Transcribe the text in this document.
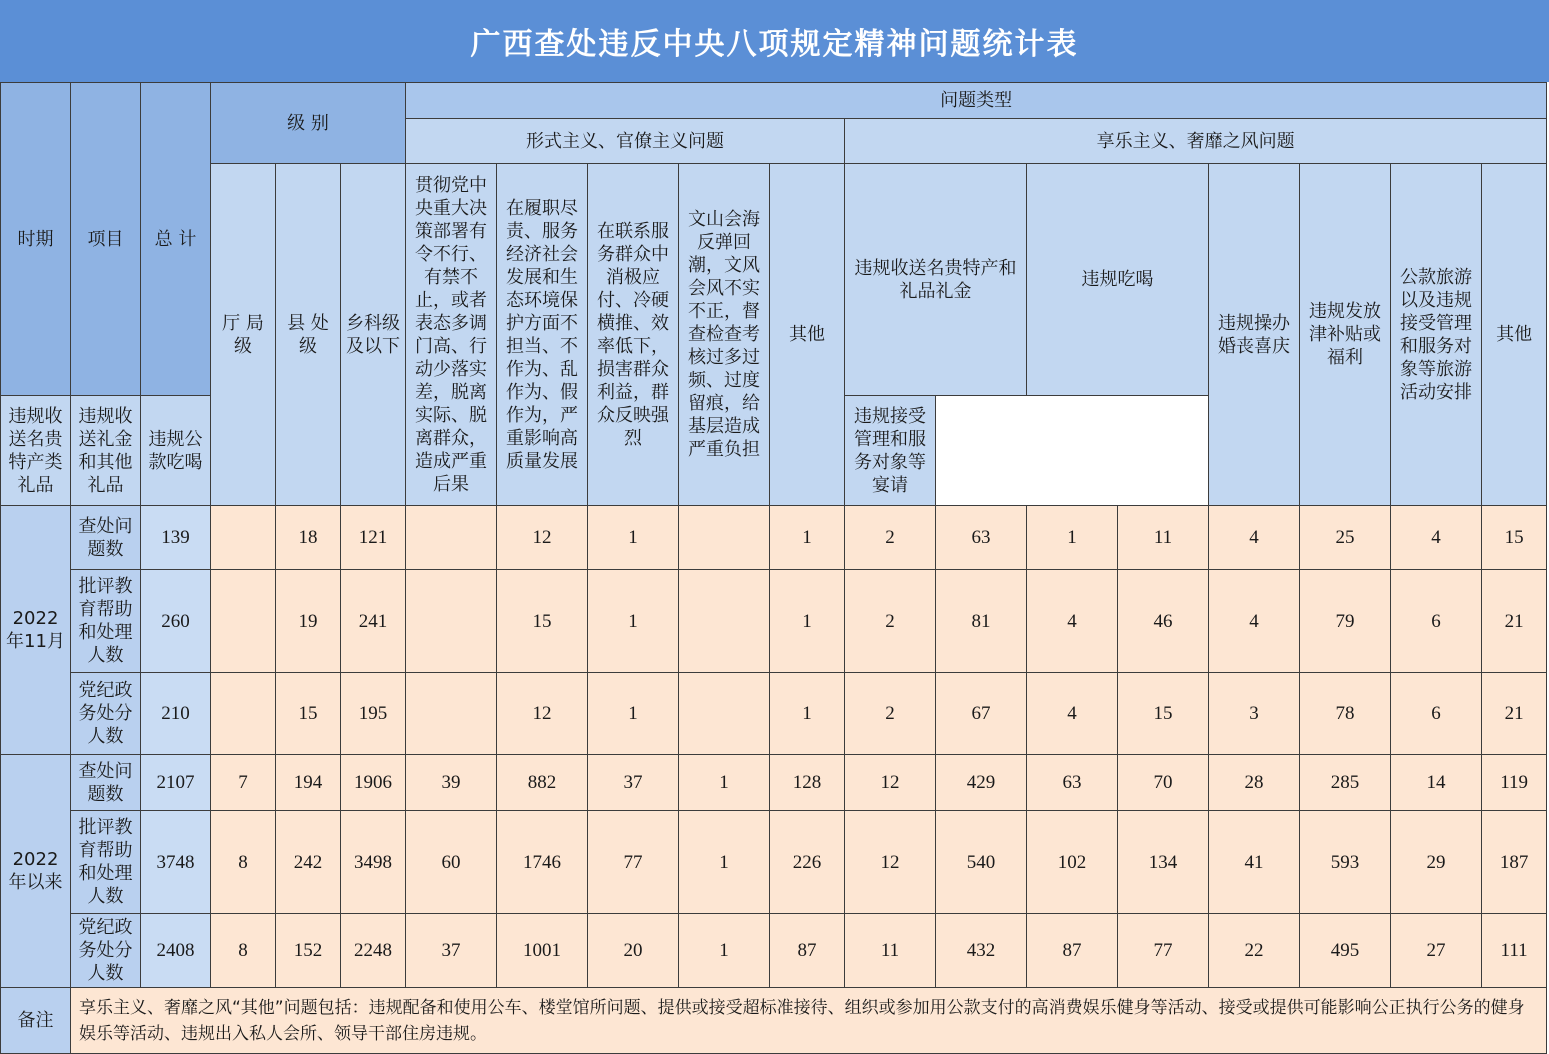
广西查处违反中央八项规定精神问题统计表
时期	项目	总 计	级 别			问题类型												
						形式主义、官僚主义问题					享乐主义、奢靡之风问题							
			厅 局级	县 处级	乡科级及以下	贯彻党中央重大决策部署有令不行、有禁不止，或者表态多调门高、行动少落实差，脱离实际、脱离群众，造成严重后果	在履职尽责、服务经济社会发展和生态环境保护方面不担当、不作为、乱作为、假作为，严重影响高质量发展	在联系服务群众中消极应付、冷硬横推、效率低下，损害群众利益，群众反映强烈	文山会海反弹回潮，文风会风不实不正，督查检查考核过多过频、过度留痕，给基层造成严重负担	其他	违规收送名贵特产和礼品礼金		违规吃喝		违规操办婚丧喜庆	违规发放津补贴或福利	公款旅游以及违规接受管理和服务对象等旅游活动安排	其他
违规收送名贵特产类礼品	违规收送礼金和其他礼品	违规公款吃喝									违规接受管理和服务对象等宴请							
2022年11月	查处问题数	139		18	121		12	1		1	2	63	1	11	4	25	4	15
	批评教育帮助和处理人数	260		19	241		15	1		1	2	81	4	46	4	79	6	21
	党纪政务处分人数	210		15	195		12	1		1	2	67	4	15	3	78	6	21
2022年以来	查处问题数	2107	7	194	1906	39	882	37	1	128	12	429	63	70	28	285	14	119
	批评教育帮助和处理人数	3748	8	242	3498	60	1746	77	1	226	12	540	102	134	41	593	29	187
	党纪政务处分人数	2408	8	152	2248	37	1001	20	1	87	11	432	87	77	22	495	27	111
备注	享乐主义、奢靡之风“其他”问题包括：违规配备和使用公车、楼堂馆所问题、提供或接受超标准接待、组织或参加用公款支付的高消费娱乐健身等活动、接受或提供可能影响公正执行公务的健身娱乐等活动、违规出入私人会所、领导干部住房违规。																	
